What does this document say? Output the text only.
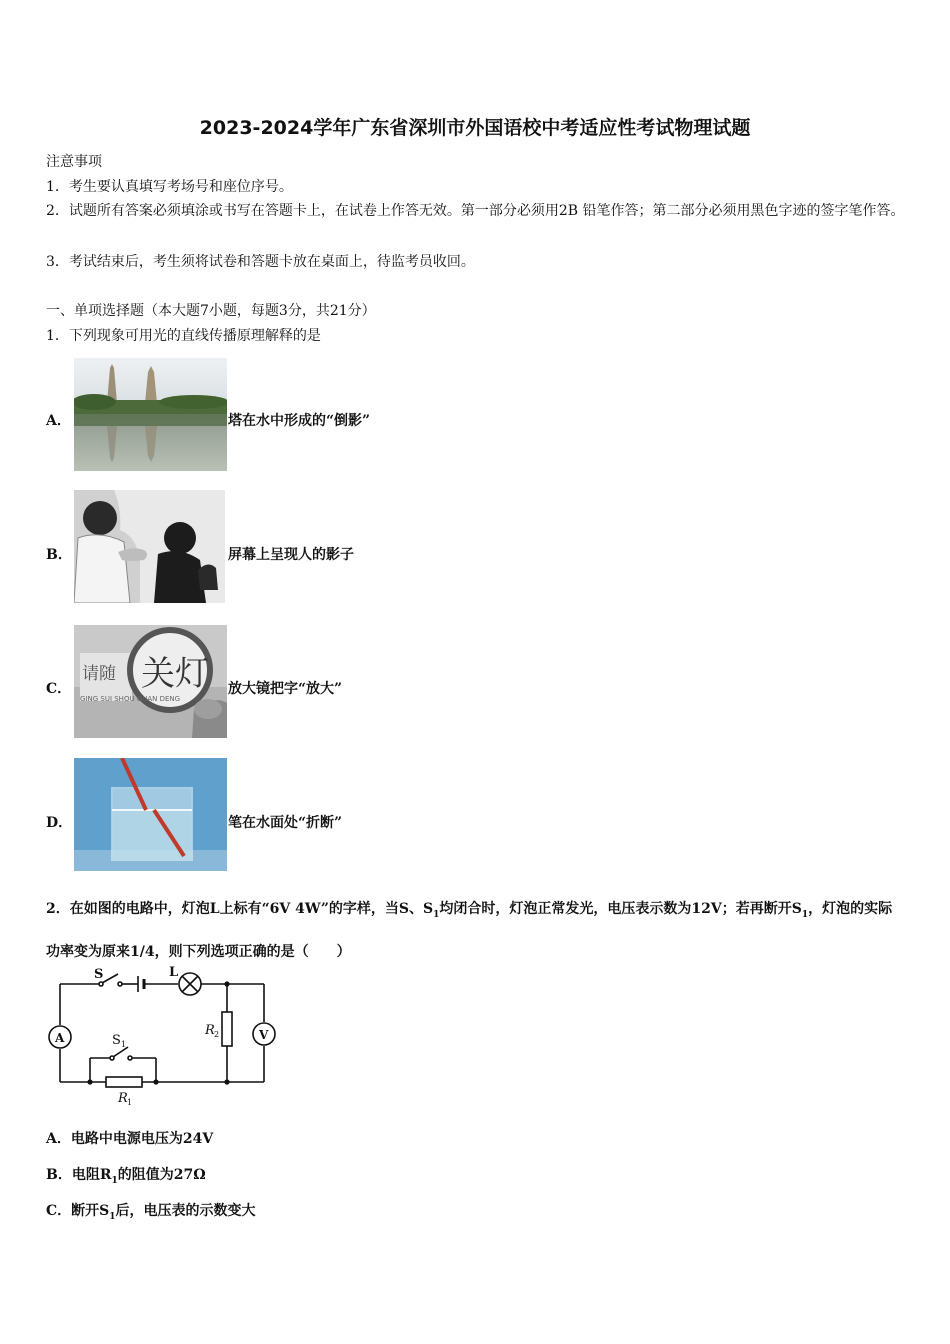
2023-2024学年广东省深圳市外国语校中考适应性考试物理试题
注意事项
1．考生要认真填写考场号和座位序号。
2．试题所有答案必须填涂或书写在答题卡上，在试卷上作答无效。第一部分必须用2B 铅笔作答；第二部分必须用黑色字迹的签字笔作答。
3．考试结束后，考生须将试卷和答题卡放在桌面上，待监考员收回。
一、单项选择题（本大题7小题，每题3分，共21分）
1．下列现象可用光的直线传播原理解释的是
A．	塔在水中形成的“倒影”
B．	屏幕上呈现人的影子
C．
请随 关灯
GING SUI SHOU GUAN DENG
放大镜把字“放大”
D．	笔在水面处“折断”
2．在如图的电路中，灯泡L上标有“6V 4W”的字样，当S、$S_1$均闭合时，灯泡正常发光，电压表示数为12V；若再断开$S_1$，灯泡的实际功率变为原来1/4，则下列选项正确的是（　　）
S	L
A	V
S 1
R 2
R 1
A．电路中电源电压为24V
B．电阻$R_1$的阻值为27Ω
C．断开$S_1$后，电压表的示数变大
